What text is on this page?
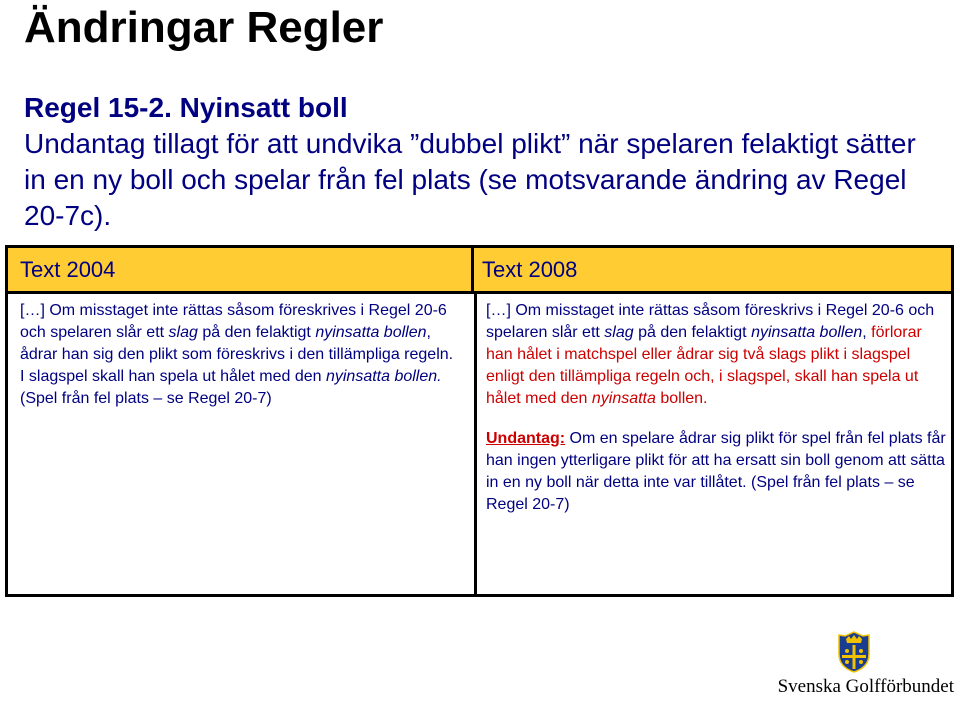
Ändringar Regler
Regel 15-2. Nyinsatt boll

Undantag tillagt för att undvika ”dubbel plikt” när spelaren felaktigt sätter in en ny boll och spelar från fel plats (se motsvarande ändring av Regel 20-7c).

Text 2004	Text 2008
[…] Om misstaget inte rättas såsom föreskrives i Regel 20-6 och spelaren slår ett slag på den felaktigt nyinsatta bollen, ådrar han sig den plikt som föreskrivs i den tillämpliga regeln. I slagspel skall han spela ut hålet med den nyinsatta bollen. (Spel från fel plats – se Regel 20-7)
[…] Om misstaget inte rättas såsom föreskrivs i Regel 20-6 och spelaren slår ett slag på den felaktigt nyinsatta bollen, förlorar han hålet i matchspel eller ådrar sig två slags plikt i slagspel enligt den tillämpliga regeln och, i slagspel, skall han spela ut hålet med den nyinsatta bollen.
Undantag: Om en spelare ådrar sig plikt för spel från fel plats får han ingen ytterligare plikt för att ha ersatt sin boll genom att sätta in en ny boll när detta inte var tillåtet. (Spel från fel plats – se Regel 20-7)
Svenska Golfförbundet
